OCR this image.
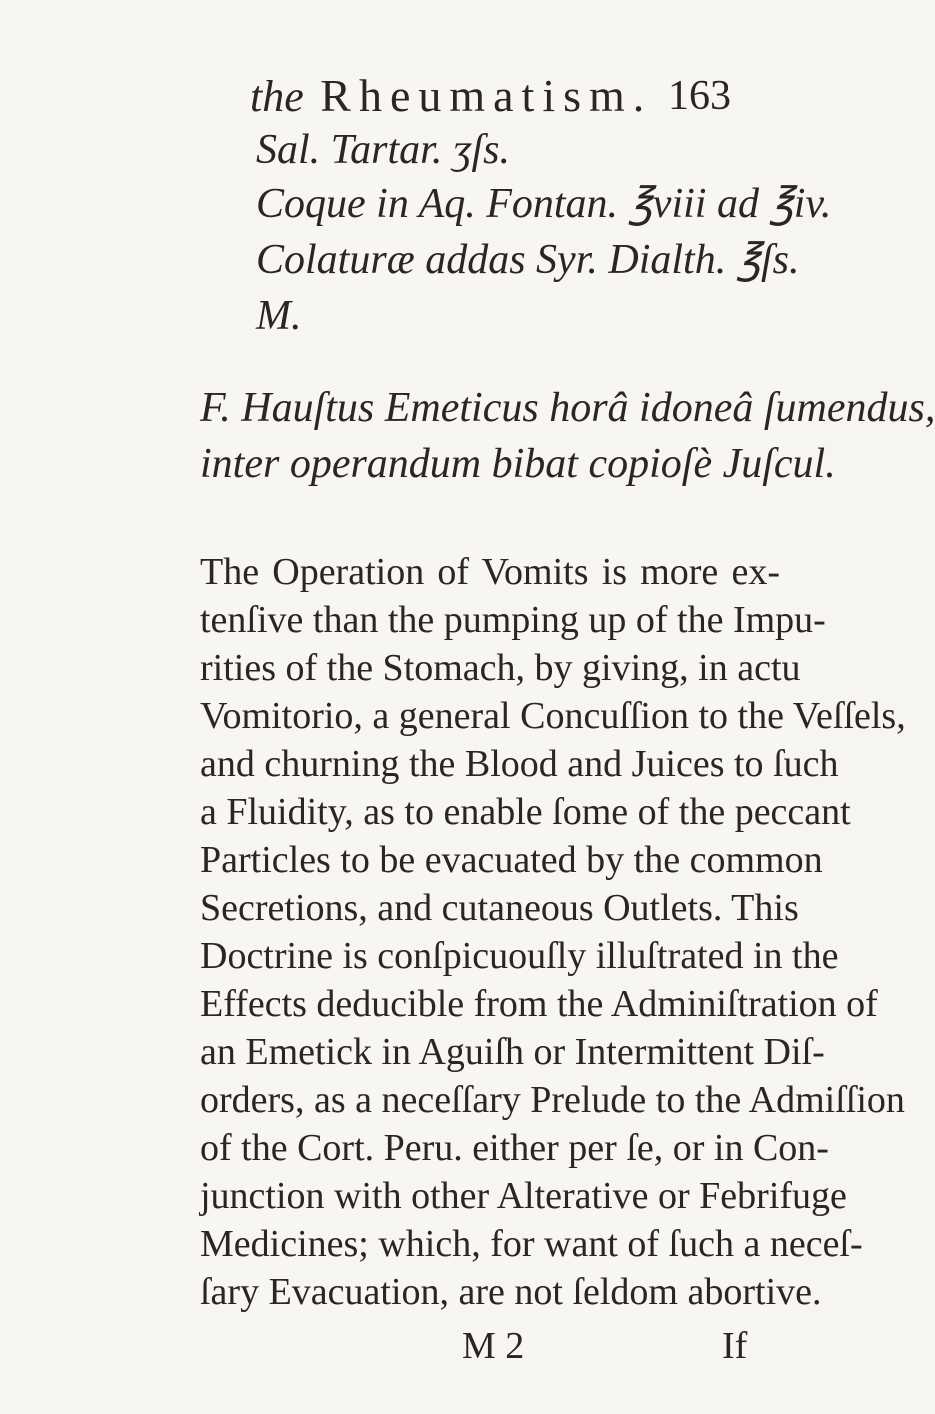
the Rheumatism. 163
Sal. Tartar. ʒſs.
Coque in Aq. Fontan. ℥viii ad ℥iv.
Colaturæ addas Syr. Dialth. ℥ſs.
M.
F. Hauſtus Emeticus horâ idoneâ ſumendus,
inter operandum bibat copioſè Juſcul.
The Operation of Vomits is more ex-
tenſive than the pumping up of the Impu-
rities of the Stomach, by giving, in actu
Vomitorio, a general Concuſſion to the Veſſels,
and churning the Blood and Juices to ſuch
a Fluidity, as to enable ſome of the peccant
Particles to be evacuated by the common
Secretions, and cutaneous Outlets. This
Doctrine is conſpicuouſly illuſtrated in the
Effects deducible from the Adminiſtration of
an Emetick in Aguiſh or Intermittent Diſ-
orders, as a neceſſary Prelude to the Admiſſion
of the Cort. Peru. either per ſe, or in Con-
junction with other Alterative or Febrifuge
Medicines; which, for want of ſuch a neceſ-
ſary Evacuation, are not ſeldom abortive.
M 2	If
